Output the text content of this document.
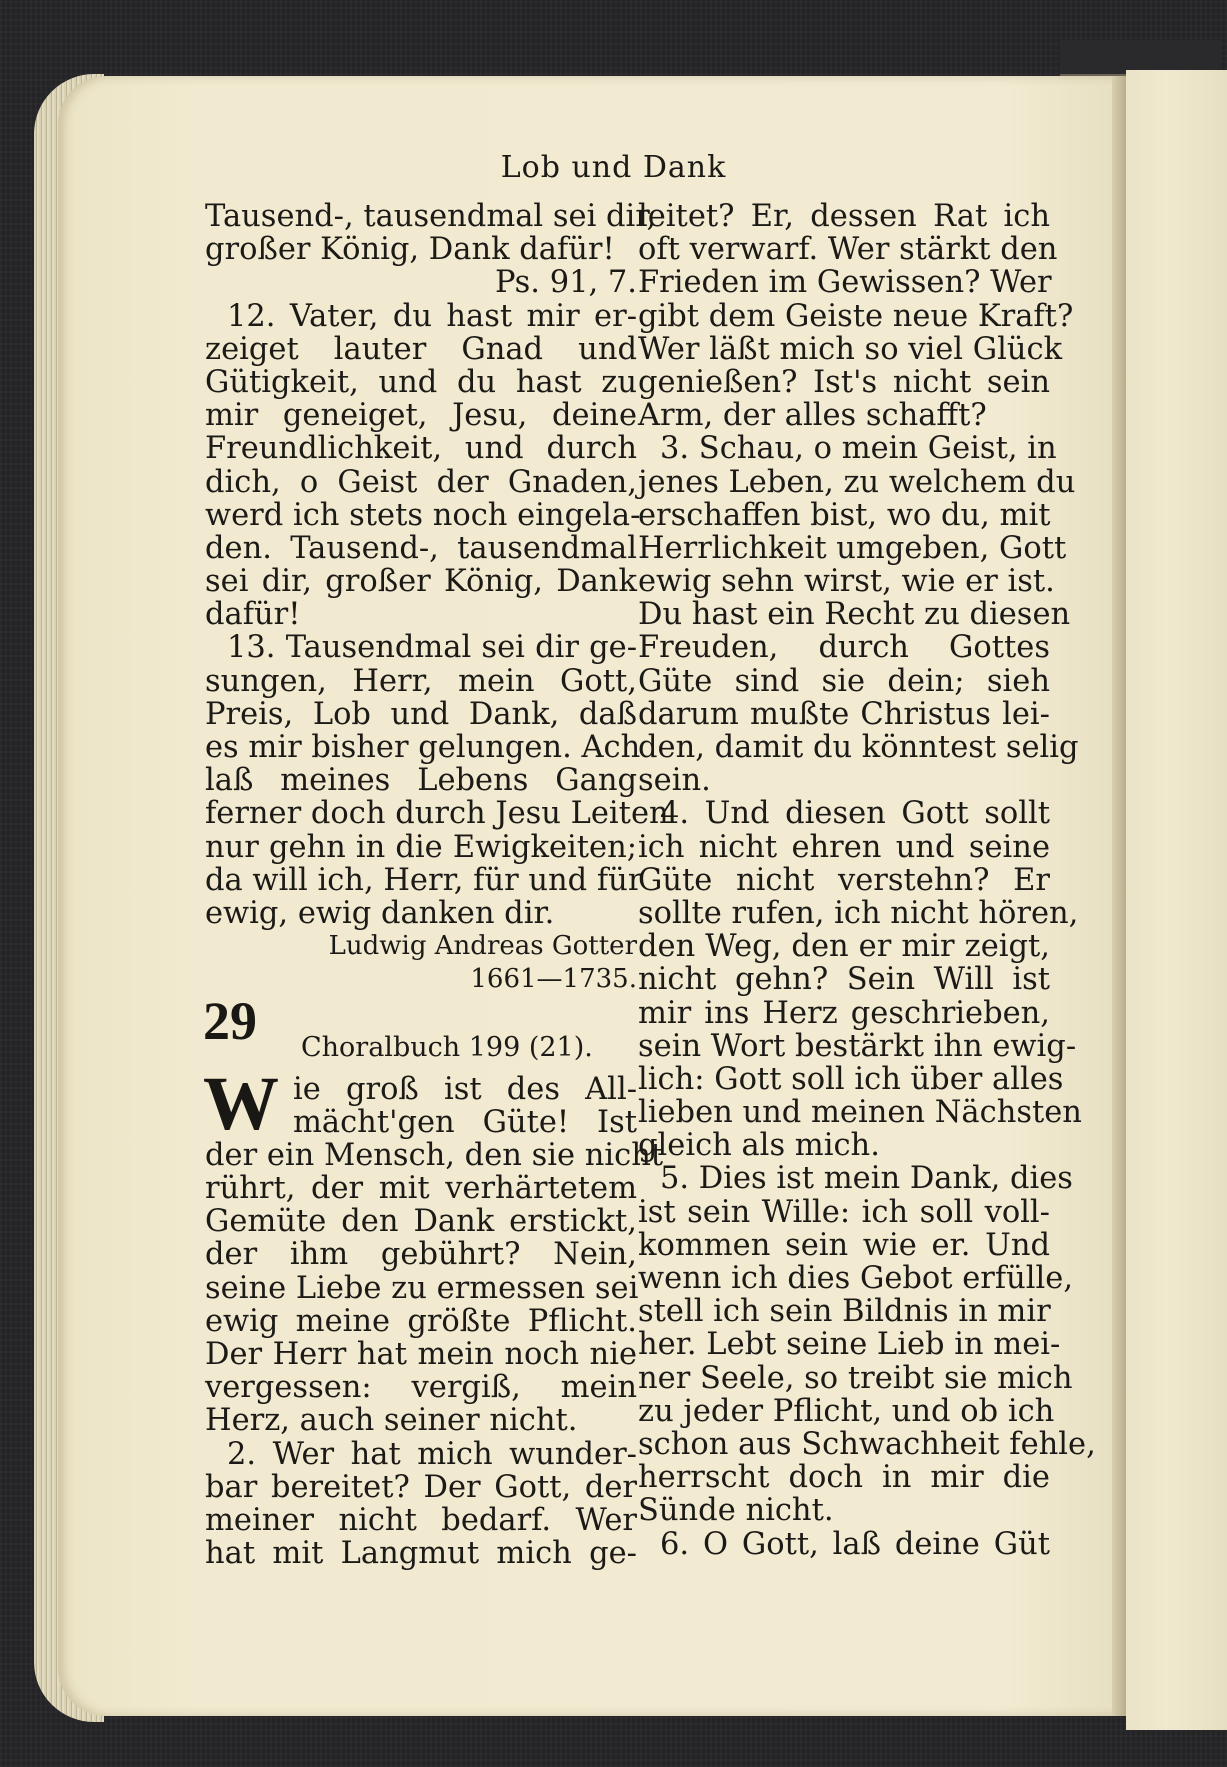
Lob und Dank
Tausend-, tausendmal sei dir,
großer König, Dank dafür!
Ps. 91, 7.
12. Vater, du hast mir er-
zeiget lauter Gnad und
Gütigkeit, und du hast zu
mir geneiget, Jesu, deine
Freundlichkeit, und durch
dich, o Geist der Gnaden,
werd ich stets noch eingela-
den. Tausend-, tausendmal
sei dir, großer König, Dank
dafür!
13. Tausendmal sei dir ge-
sungen, Herr, mein Gott,
Preis, Lob und Dank, daß
es mir bisher gelungen. Ach
laß meines Lebens Gang
ferner doch durch Jesu Leiten
nur gehn in die Ewigkeiten;
da will ich, Herr, für und für
ewig, ewig danken dir.
Ludwig Andreas Gotter
1661—1735.
29 Choralbuch 199 (21).
W ie groß ist des All-
mächt'gen Güte! Ist
der ein Mensch, den sie nicht
rührt, der mit verhärtetem
Gemüte den Dank erstickt,
der ihm gebührt? Nein,
seine Liebe zu ermessen sei
ewig meine größte Pflicht.
Der Herr hat mein noch nie
vergessen: vergiß, mein
Herz, auch seiner nicht.
2. Wer hat mich wunder-
bar bereitet? Der Gott, der
meiner nicht bedarf. Wer
hat mit Langmut mich ge-
leitet? Er, dessen Rat ich
oft verwarf. Wer stärkt den
Frieden im Gewissen? Wer
gibt dem Geiste neue Kraft?
Wer läßt mich so viel Glück
genießen? Ist's nicht sein
Arm, der alles schafft?
3. Schau, o mein Geist, in
jenes Leben, zu welchem du
erschaffen bist, wo du, mit
Herrlichkeit umgeben, Gott
ewig sehn wirst, wie er ist.
Du hast ein Recht zu diesen
Freuden, durch Gottes
Güte sind sie dein; sieh
darum mußte Christus lei-
den, damit du könntest selig
sein.
4. Und diesen Gott sollt
ich nicht ehren und seine
Güte nicht verstehn? Er
sollte rufen, ich nicht hören,
den Weg, den er mir zeigt,
nicht gehn? Sein Will ist
mir ins Herz geschrieben,
sein Wort bestärkt ihn ewig-
lich: Gott soll ich über alles
lieben und meinen Nächsten
gleich als mich.
5. Dies ist mein Dank, dies
ist sein Wille: ich soll voll-
kommen sein wie er. Und
wenn ich dies Gebot erfülle,
stell ich sein Bildnis in mir
her. Lebt seine Lieb in mei-
ner Seele, so treibt sie mich
zu jeder Pflicht, und ob ich
schon aus Schwachheit fehle,
herrscht doch in mir die
Sünde nicht.
6. O Gott, laß deine Güt
